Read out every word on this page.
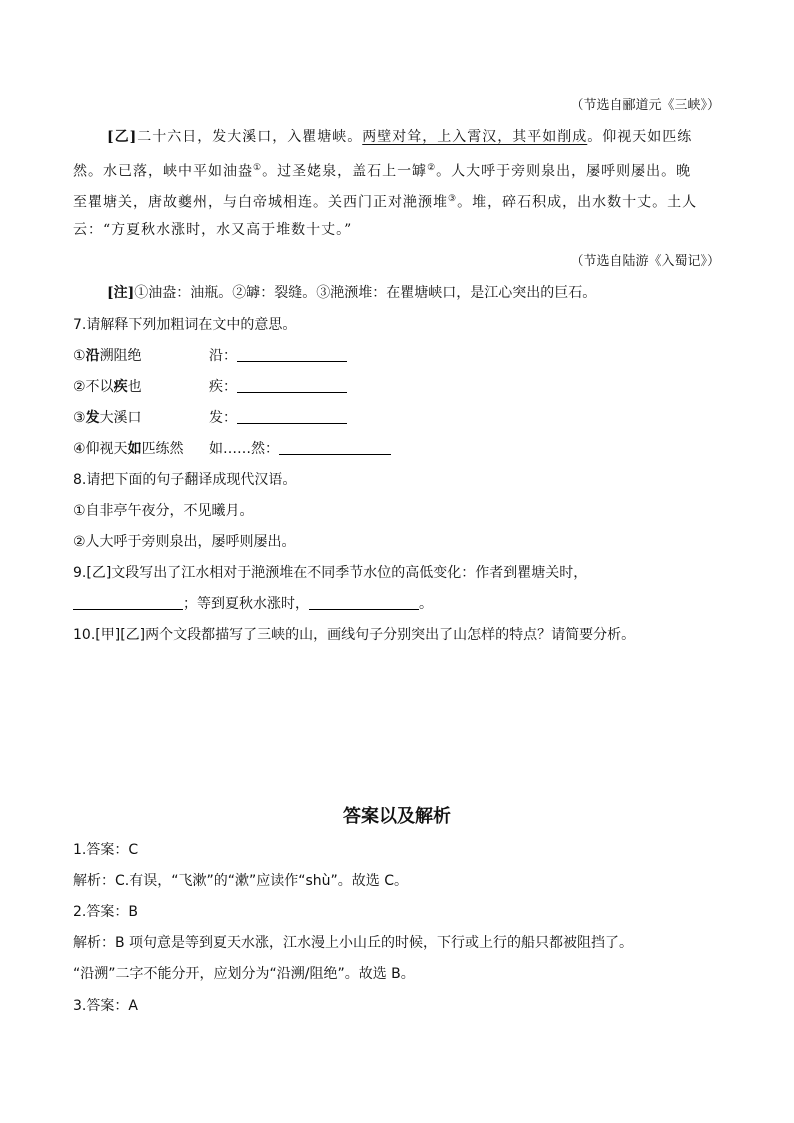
（节选自郦道元《三峡》）
[乙]二十六日，发大溪口，入瞿塘峡。两壁对耸，上入霄汉，其平如削成。仰视天如匹练
然。水已落，峡中平如油盎①。过圣姥泉，盖石上一罅②。人大呼于旁则泉出，屡呼则屡出。晚
至瞿塘关，唐故夔州，与白帝城相连。关西门正对滟滪堆③。堆，碎石积成，出水数十丈。土人
云：“方夏秋水涨时，水又高于堆数十丈。”
（节选自陆游《入蜀记》）
[注]①油盎：油瓶。②罅：裂缝。③滟滪堆：在瞿塘峡口，是江心突出的巨石。
7.请解释下列加粗词在文中的意思。
①沿溯阻绝	沿：
②不以疾也	疾：
③发大溪口	发：
④仰视天如匹练然 如……然：
8.请把下面的句子翻译成现代汉语。
①自非亭午夜分，不见曦月。
②人大呼于旁则泉出，屡呼则屡出。
9.[乙]文段写出了江水相对于滟滪堆在不同季节水位的高低变化：作者到瞿塘关时，
；等到夏秋水涨时，	。
10.[甲][乙]两个文段都描写了三峡的山，画线句子分别突出了山怎样的特点？请简要分析。
答案以及解析
1.答案：C
解析：C.有误，“飞漱”的“漱”应读作“shù”。故选 C。
2.答案：B
解析：B 项句意是等到夏天水涨，江水漫上小山丘的时候，下行或上行的船只都被阻挡了。
“沿溯”二字不能分开，应划分为“沿溯/阻绝”。故选 B。
3.答案：A
